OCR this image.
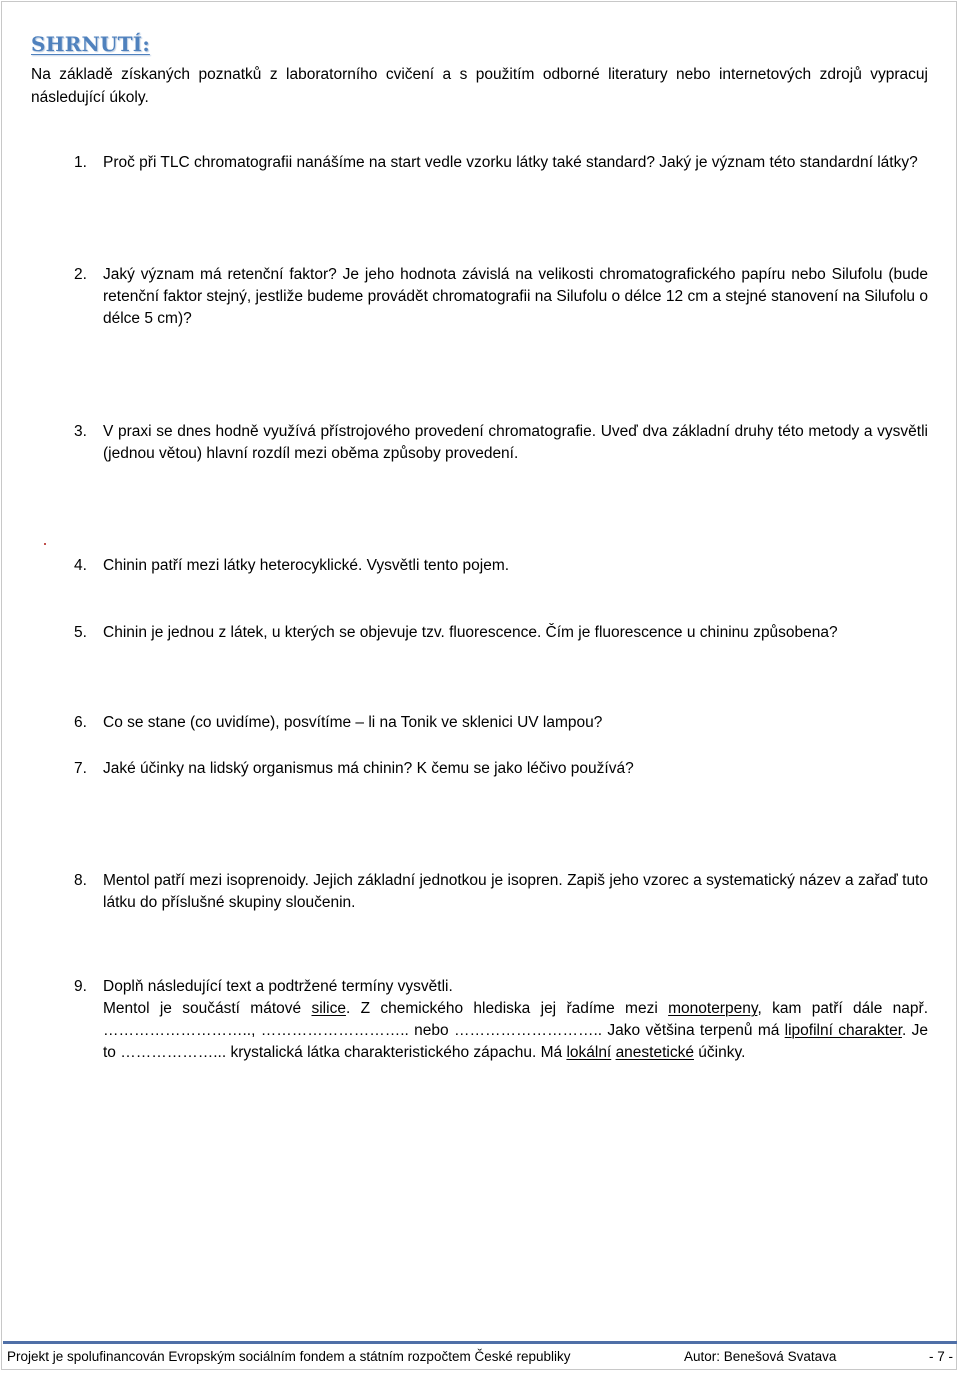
SHRNUTÍ:
Na základě získaných poznatků z laboratorního cvičení a s použitím odborné literatury nebo internetových zdrojů vypracuj následující úkoly.
1. Proč při TLC chromatografii nanášíme na start vedle vzorku látky také standard? Jaký je význam této standardní látky?
2. Jaký význam má retenční faktor? Je jeho hodnota závislá na velikosti chromatografického papíru nebo Silufolu (bude retenční faktor stejný, jestliže budeme provádět chromatografii na Silufolu o délce 12 cm a stejné stanovení na Silufolu o délce 5 cm)?
3. V praxi se dnes hodně využívá přístrojového provedení chromatografie. Uveď dva základní druhy této metody a vysvětli (jednou větou) hlavní rozdíl mezi oběma způsoby provedení.
4. Chinin patří mezi látky heterocyklické. Vysvětli tento pojem.
5. Chinin je jednou z látek, u kterých se objevuje tzv. fluorescence. Čím je fluorescence u chininu způsobena?
6. Co se stane (co uvidíme), posvítíme – li na Tonik ve sklenici UV lampou?
7. Jaké účinky na lidský organismus má chinin? K čemu se jako léčivo používá?
8. Mentol patří mezi isoprenoidy. Jejich základní jednotkou je isopren. Zapiš jeho vzorec a systematický název a zařaď tuto látku do příslušné skupiny sloučenin.
9. Doplň následující text a podtržené termíny vysvětli.
Mentol je součástí mátové silice. Z chemického hlediska jej řadíme mezi monoterpeny, kam patří dále např. ……………………….., ……………………….. nebo ……………………….. Jako většina terpenů má lipofilní charakter. Je to ………………... krystalická látka charakteristického zápachu. Má lokální anestetické účinky.
Projekt je spolufinancován Evropským sociálním fondem a státním rozpočtem České republiky	Autor: Benešová Svatava	- 7 -
